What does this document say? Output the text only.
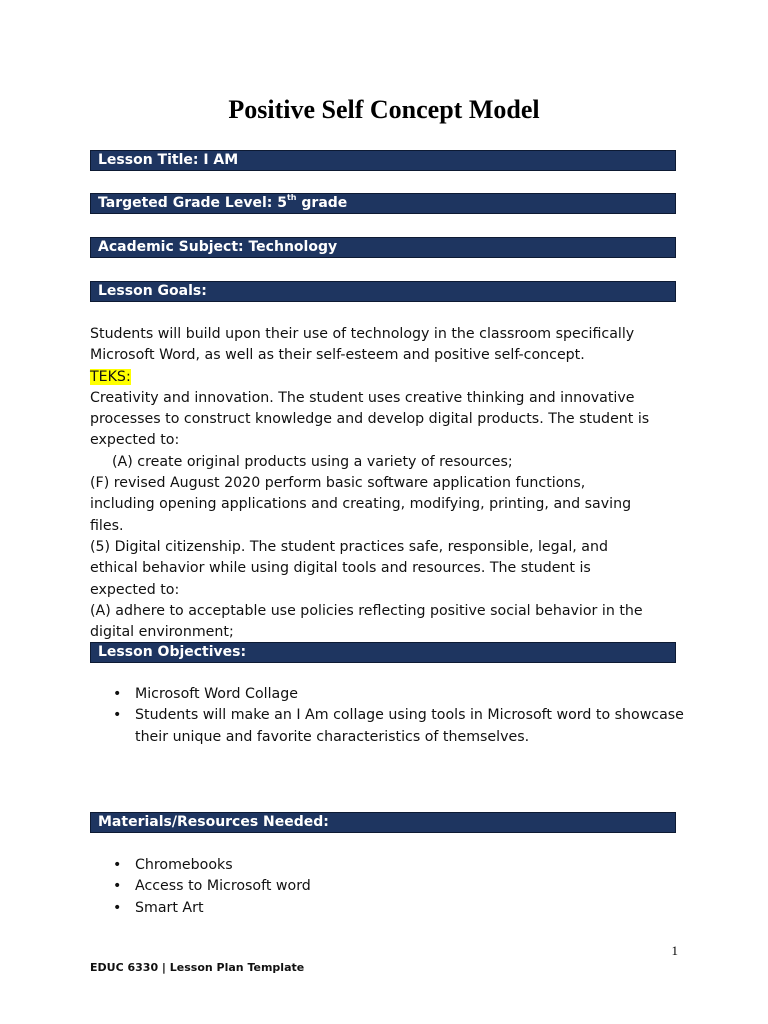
Positive Self Concept Model
Lesson Title: I AM
Targeted Grade Level: 5th grade
Academic Subject: Technology
Lesson Goals:

Students will build upon their use of technology in the classroom specifically Microsoft Word, as well as their self-esteem and positive self-concept.

TEKS:

Creativity and innovation. The student uses creative thinking and innovative processes to construct knowledge and develop digital products. The student is expected to:

(A) create original products using a variety of resources;

(F) revised August 2020 perform basic software application functions, including opening applications and creating, modifying, printing, and saving files.

(5) Digital citizenship. The student practices safe, responsible, legal, and ethical behavior while using digital tools and resources. The student is expected to:

(A) adhere to acceptable use policies reflecting positive social behavior in the digital environment;

Lesson Objectives:
• Microsoft Word Collage
• Students will make an I Am collage using tools in Microsoft word to showcase their unique and favorite characteristics of themselves.
Materials/Resources Needed:
• Chromebooks
• Access to Microsoft word
• Smart Art
1
EDUC 6330 | Lesson Plan Template
